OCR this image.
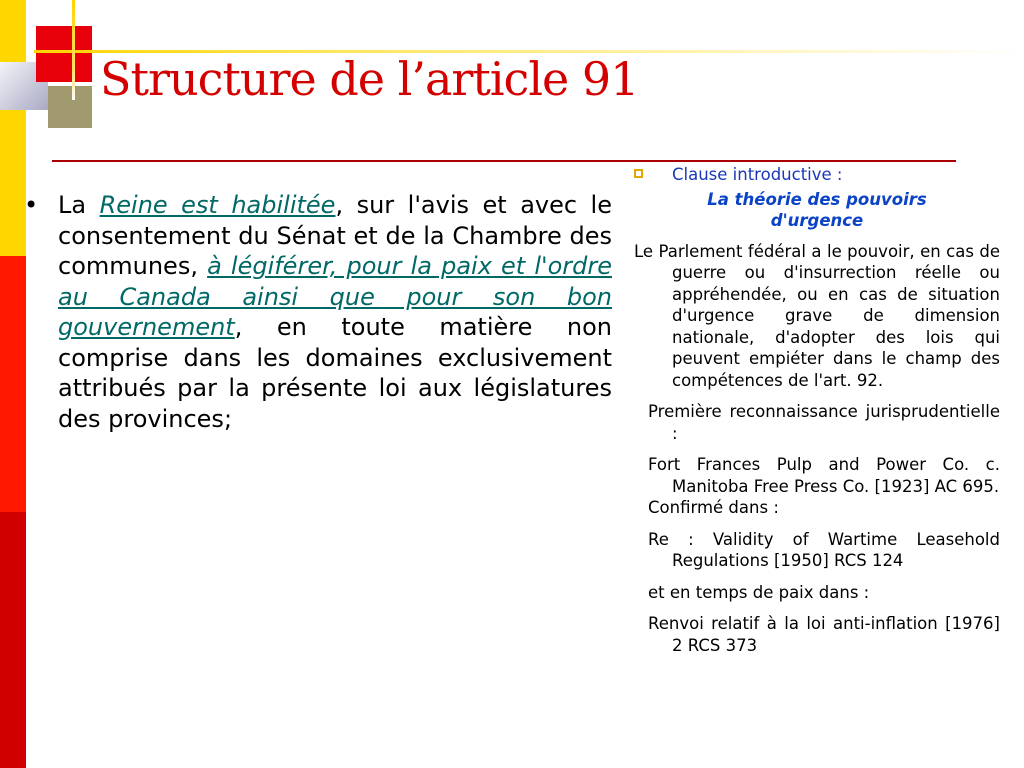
Structure de l’article 91
• La Reine est habilitée, sur l'avis et avec le consentement du Sénat et de la Chambre des communes, à légiférer, pour la paix et l'ordre au Canada ainsi que pour son bon gouvernement, en toute matière non comprise dans les domaines exclusivement attribués par la présente loi aux législatures des provinces;

Clause introductive :
La théorie des pouvoirs d'urgence

Le Parlement fédéral a le pouvoir, en cas de guerre ou d'insurrection réelle ou appréhendée, ou en cas de situation d'urgence grave de dimension nationale, d'adopter des lois qui peuvent empiéter dans le champ des compétences de l'art. 92.

Première reconnaissance jurisprudentielle :

Fort Frances Pulp and Power Co. c. Manitoba Free Press Co. [1923] AC 695.
Confirmé dans :

Re : Validity of Wartime Leasehold Regulations [1950] RCS 124

et en temps de paix dans :

Renvoi relatif à la loi anti-inflation [1976] 2 RCS 373
